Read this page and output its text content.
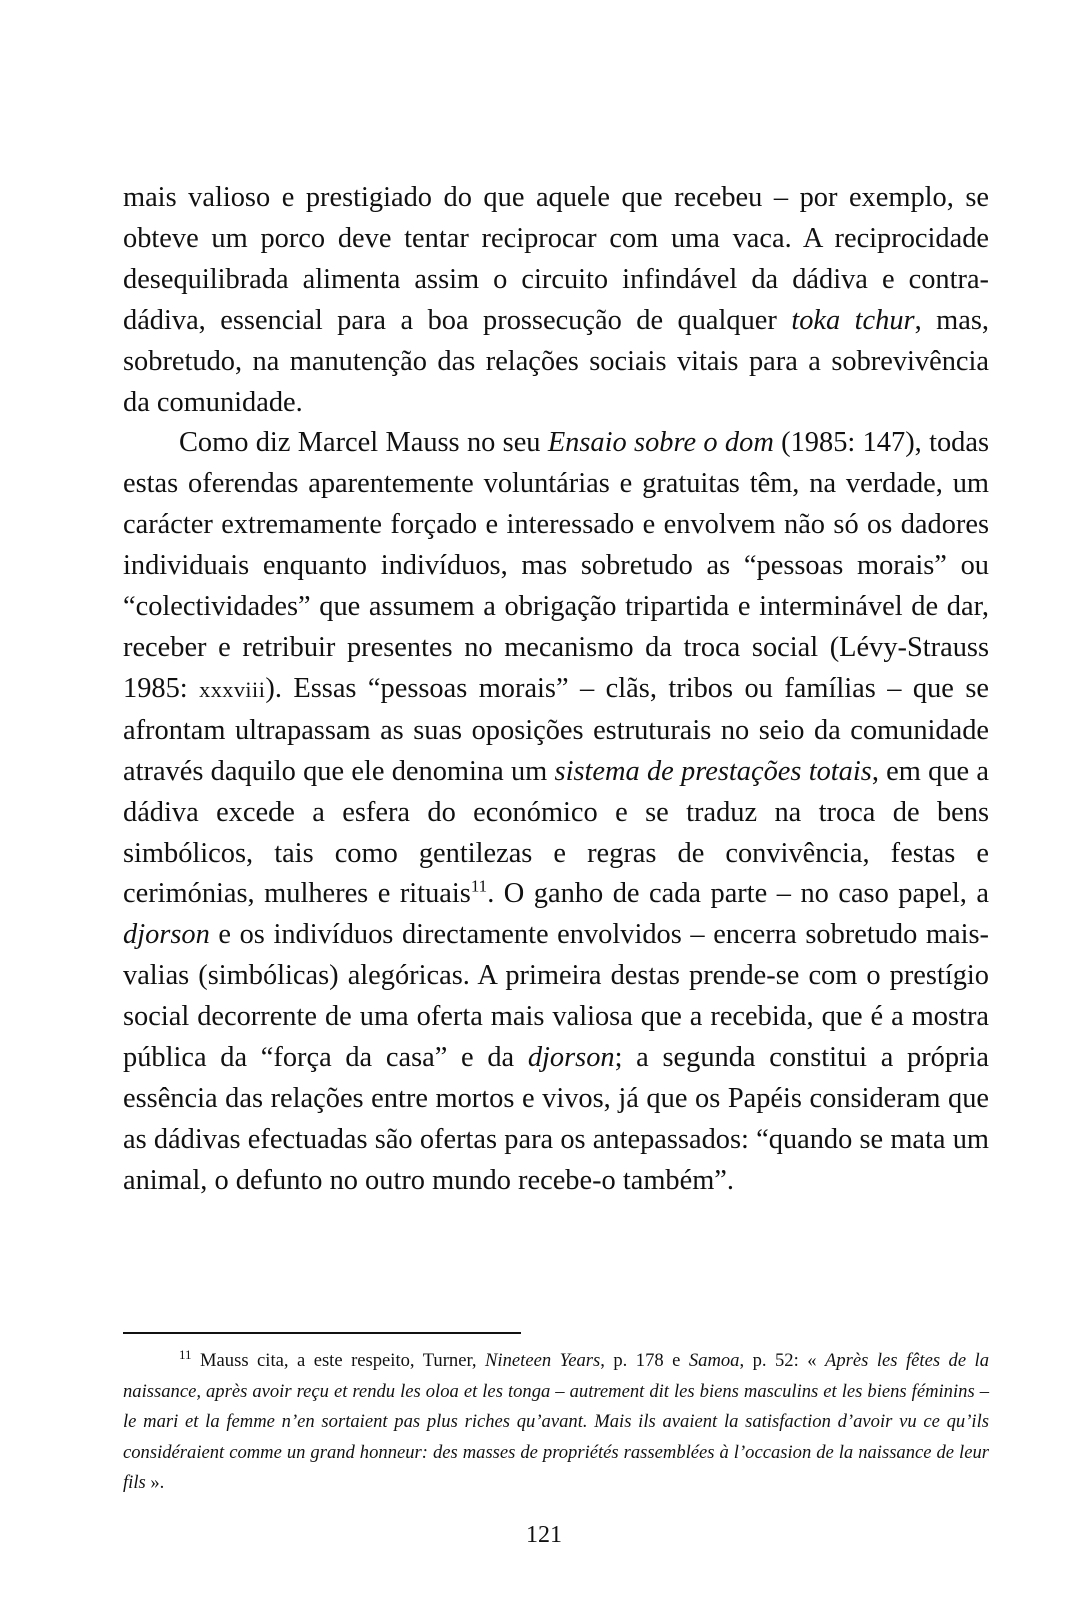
mais valioso e prestigiado do que aquele que recebeu – por exemplo, se obteve um porco deve tentar reciprocar com uma vaca. A reciprocidade desequilibrada alimenta assim o circuito infindável da dádiva e contra-dádiva, essencial para a boa prossecução de qualquer toka tchur, mas, sobretudo, na manutenção das relações sociais vitais para a sobrevivência da comunidade.

Como diz Marcel Mauss no seu Ensaio sobre o dom (1985: 147), todas estas oferendas aparentemente voluntárias e gratuitas têm, na verdade, um carácter extremamente forçado e interessado e envolvem não só os dadores individuais enquanto indivíduos, mas sobretudo as “pessoas morais” ou “colectividades” que assumem a obrigação tripartida e interminável de dar, receber e retribuir presentes no mecanismo da troca social (Lévy-Strauss 1985: xxxviii). Essas “pessoas morais” – clãs, tribos ou famílias – que se afrontam ultrapassam as suas oposições estruturais no seio da comunidade através daquilo que ele denomina um sistema de prestações totais, em que a dádiva excede a esfera do económico e se traduz na troca de bens simbólicos, tais como gentilezas e regras de convivência, festas e cerimónias, mulheres e rituais$^{11}$. O ganho de cada parte – no caso papel, a djorson e os indivíduos directamente envolvidos – encerra sobretudo mais-valias (simbólicas) alegóricas. A primeira destas prende-se com o prestígio social decorrente de uma oferta mais valiosa que a recebida, que é a mostra pública da “força da casa” e da djorson; a segunda constitui a própria essência das relações entre mortos e vivos, já que os Papéis consideram que as dádivas efectuadas são ofertas para os antepassados: “quando se mata um animal, o defunto no outro mundo recebe-o também”.

$^{11}$ Mauss cita, a este respeito, Turner, Nineteen Years, p. 178 e Samoa, p. 52: « Après les fêtes de la naissance, après avoir reçu et rendu les oloa et les tonga – autrement dit les biens masculins et les biens féminins – le mari et la femme n’en sortaient pas plus riches qu’avant. Mais ils avaient la satisfaction d’avoir vu ce qu’ils considéraient comme un grand honneur: des masses de propriétés rassemblées à l’occasion de la naissance de leur fils ».

121
